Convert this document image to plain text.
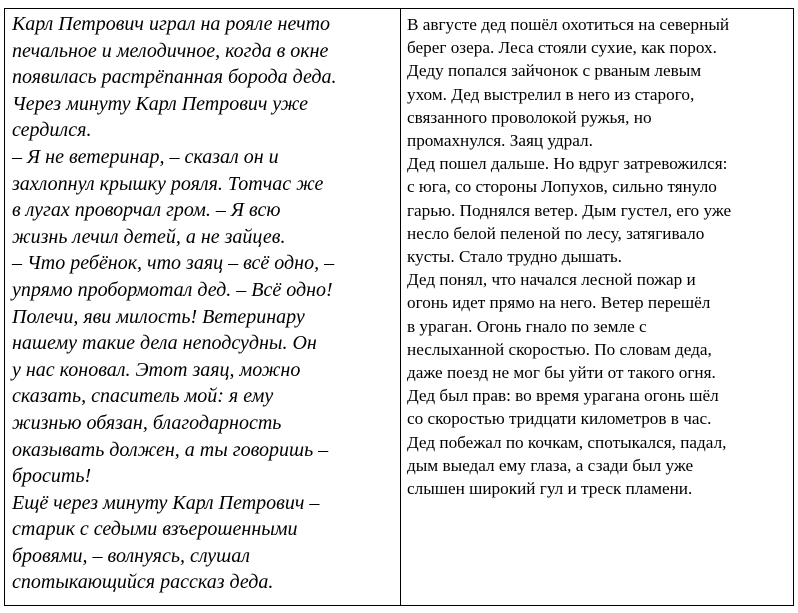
Карл Петрович играл на рояле нечто
печальное и мелодичное, когда в окне
появилась растрёпанная борода деда.
Через минуту Карл Петрович уже
сердился.
– Я не ветеринар, – сказал он и
захлопнул крышку рояля. Тотчас же
в лугах проворчал гром. – Я всю
жизнь лечил детей, а не зайцев.
– Что ребёнок, что заяц – всё одно, –
упрямо пробормотал дед. – Всё одно!
Полечи, яви милость! Ветеринару
нашему такие дела неподсудны. Он
у нас коновал. Этот заяц, можно
сказать, спаситель мой: я ему
жизнью обязан, благодарность
оказывать должен, а ты говоришь –
бросить!
Ещё через минуту Карл Петрович –
старик с седыми взъерошенными
бровями, – волнуясь, слушал
спотыкающийся рассказ деда.
В августе дед пошёл охотиться на северный
берег озера. Леса стояли сухие, как порох.
Деду попался зайчонок с рваным левым
ухом. Дед выстрелил в него из старого,
связанного проволокой ружья, но
промахнулся. Заяц удрал.
Дед пошел дальше. Но вдруг затревожился:
с юга, со стороны Лопухов, сильно тянуло
гарью. Поднялся ветер. Дым густел, его уже
несло белой пеленой по лесу, затягивало
кусты. Стало трудно дышать.
Дед понял, что начался лесной пожар и
огонь идет прямо на него. Ветер перешёл
в ураган. Огонь гнало по земле с
неслыханной скоростью. По словам деда,
даже поезд не мог бы уйти от такого огня.
Дед был прав: во время урагана огонь шёл
со скоростью тридцати километров в час.
Дед побежал по кочкам, спотыкался, падал,
дым выедал ему глаза, а сзади был уже
слышен широкий гул и треск пламени.
